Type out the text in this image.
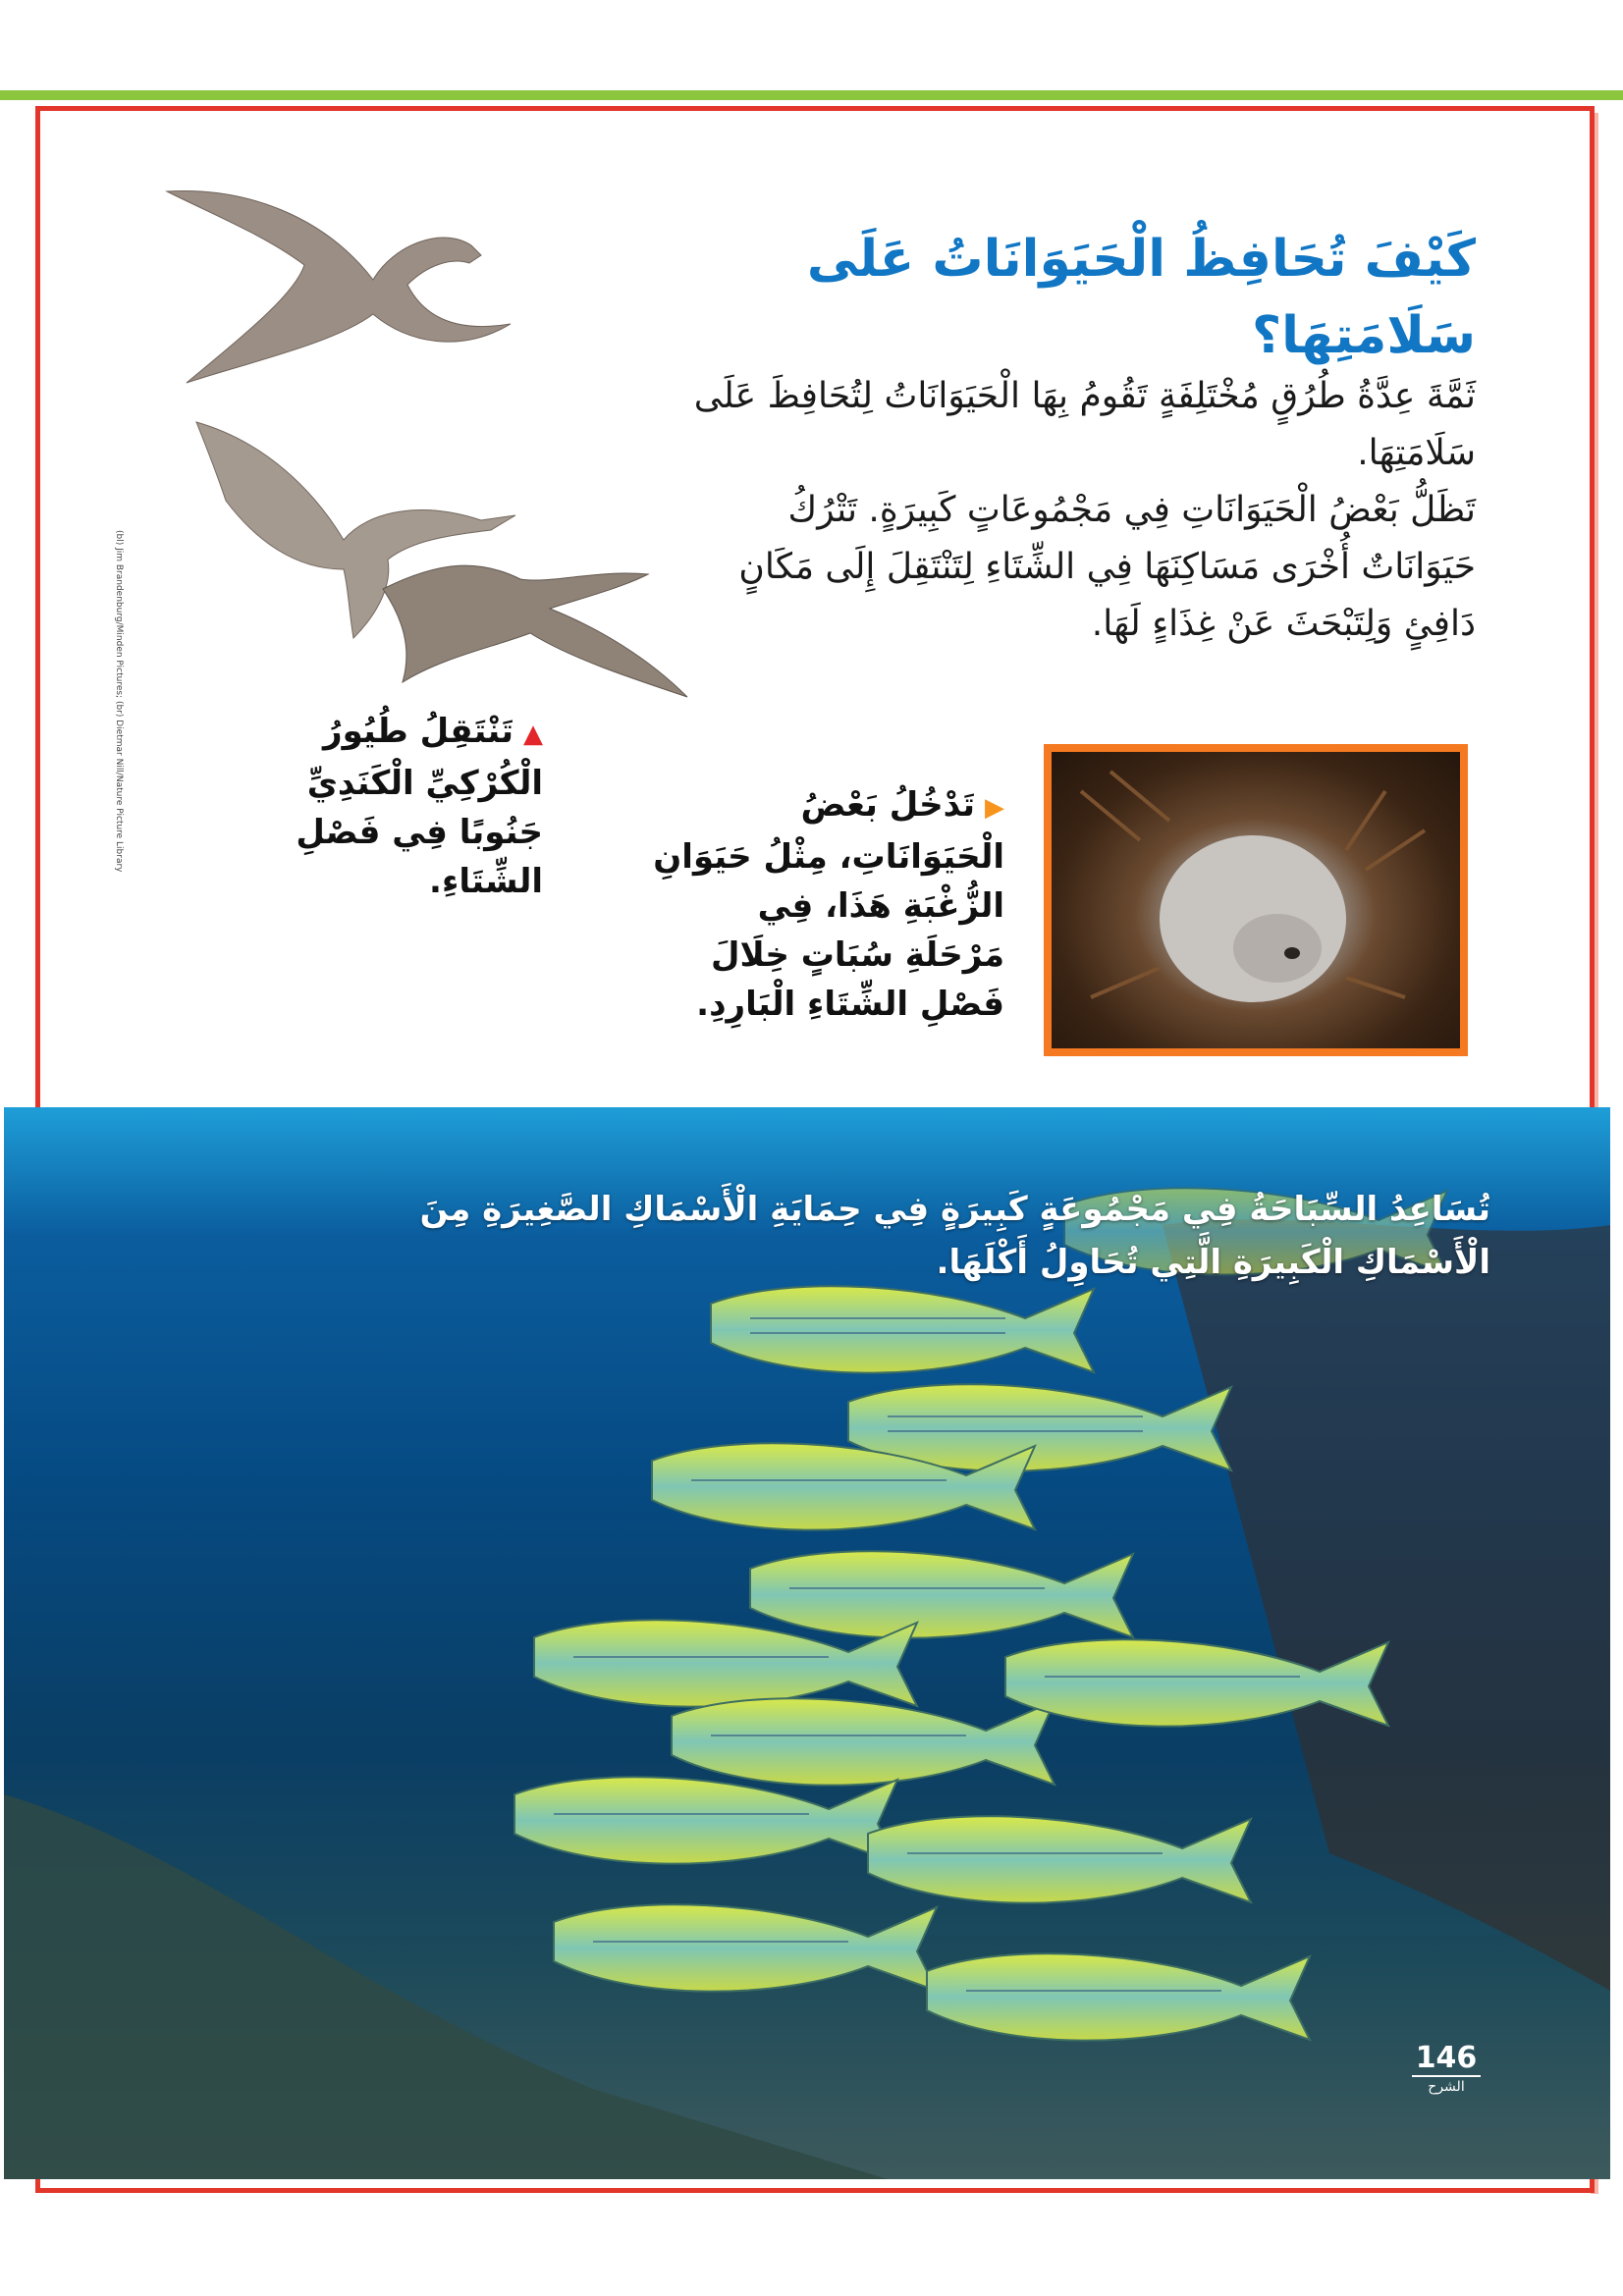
كَيْفَ تُحَافِظُ الْحَيَوَانَاتُ عَلَى سَلَامَتِهَا؟

ثَمَّةَ عِدَّةُ طُرُقٍ مُخْتَلِفَةٍ تَقُومُ بِهَا الْحَيَوَانَاتُ لِتُحَافِظَ عَلَى سَلَامَتِهَا.

تَظَلُّ بَعْضُ الْحَيَوَانَاتِ فِي مَجْمُوعَاتٍ كَبِيرَةٍ. تَتْرُكُ حَيَوَانَاتٌ أُخْرَى مَسَاكِنَهَا فِي الشِّتَاءِ لِتَنْتَقِلَ إِلَى مَكَانٍ دَافِئٍ وَلِتَبْحَثَ عَنْ غِذَاءٍ لَهَا.

▲تَنْتَقِلُ طُيُورُ الْكُرْكِيِّ الْكَنَدِيِّ جَنُوبًا فِي فَصْلِ الشِّتَاءِ.
(bl) Jim Brandenburg/Minden Pictures; (br) Dietmar Nill/Nature Picture Library	▶تَدْخُلُ بَعْضُ الْحَيَوَانَاتِ، مِثْلُ حَيَوَانِ الزُّغْبَةِ هَذَا، فِي مَرْحَلَةِ سُبَاتٍ خِلَالَ فَصْلِ الشِّتَاءِ الْبَارِدِ.
تُسَاعِدُ السِّبَاحَةُ فِي مَجْمُوعَةٍ كَبِيرَةٍ فِي حِمَايَةِ الْأَسْمَاكِ الصَّغِيرَةِ مِنَ الْأَسْمَاكِ الْكَبِيرَةِ الَّتِي تُحَاوِلُ أَكْلَهَا.
146
الشرح
